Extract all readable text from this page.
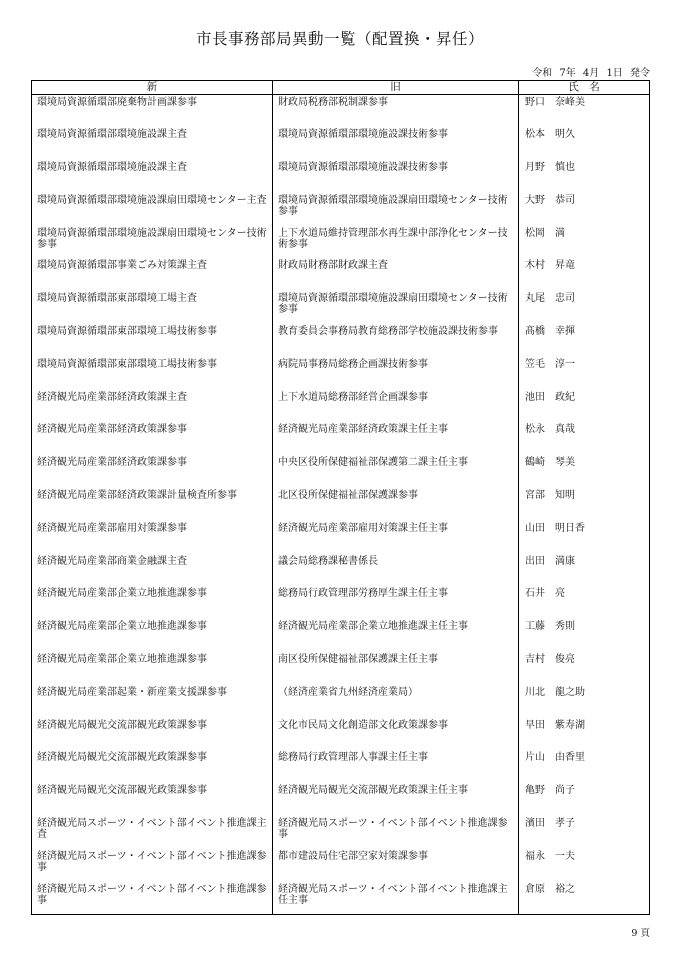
市長事務部局異動一覧（配置換・昇任）
令和 7年 4月 1日 発令
新	旧	氏　名
環境局資源循環部廃棄物計画課参事	財政局税務部税制課参事	野口　奈峰美
環境局資源循環部環境施設課主査	環境局資源循環部環境施設課技術参事	松本　明久
環境局資源循環部環境施設課主査	環境局資源循環部環境施設課技術参事	月野　慎也
環境局資源循環部環境施設課扇田環境センター主査	環境局資源循環部環境施設課扇田環境センター技術参事	大野　恭司
環境局資源循環部環境施設課扇田環境センター技術参事	上下水道局維持管理部水再生課中部浄化センター技術参事	松岡　満
環境局資源循環部事業ごみ対策課主査	財政局財務部財政課主査	木村　昇竜
環境局資源循環部東部環境工場主査	環境局資源循環部環境施設課扇田環境センター技術参事	丸尾　忠司
環境局資源循環部東部環境工場技術参事	教育委員会事務局教育総務部学校施設課技術参事	髙橋　幸揮
環境局資源循環部東部環境工場技術参事	病院局事務局総務企画課技術参事	笠毛　淳一
経済観光局産業部経済政策課主査	上下水道局総務部経営企画課参事	池田　政紀
経済観光局産業部経済政策課参事	経済観光局産業部経済政策課主任主事	松永　真哉
経済観光局産業部経済政策課参事	中央区役所保健福祉部保護第二課主任主事	鶴崎　琴美
経済観光局産業部経済政策課計量検査所参事	北区役所保健福祉部保護課参事	宮部　知明
経済観光局産業部雇用対策課参事	経済観光局産業部雇用対策課主任主事	山田　明日香
経済観光局産業部商業金融課主査	議会局総務課秘書係長	出田　満康
経済観光局産業部企業立地推進課参事	総務局行政管理部労務厚生課主任主事	石井　亮
経済観光局産業部企業立地推進課参事	経済観光局産業部企業立地推進課主任主事	工藤　秀則
経済観光局産業部企業立地推進課参事	南区役所保健福祉部保護課主任主事	吉村　俊亮
経済観光局産業部起業・新産業支援課参事	（経済産業省九州経済産業局）	川北　龍之助
経済観光局観光交流部観光政策課参事	文化市民局文化創造部文化政策課参事	早田　紫寿湖
経済観光局観光交流部観光政策課参事	総務局行政管理部人事課主任主事	片山　由香里
経済観光局観光交流部観光政策課参事	経済観光局観光交流部観光政策課主任主事	亀野　尚子
経済観光局スポーツ・イベント部イベント推進課主査	経済観光局スポーツ・イベント部イベント推進課参事	濱田　孝子
経済観光局スポーツ・イベント部イベント推進課参事	都市建設局住宅部空家対策課参事	福永　一夫
経済観光局スポーツ・イベント部イベント推進課参事	経済観光局スポーツ・イベント部イベント推進課主任主事	倉原　裕之
9 頁
